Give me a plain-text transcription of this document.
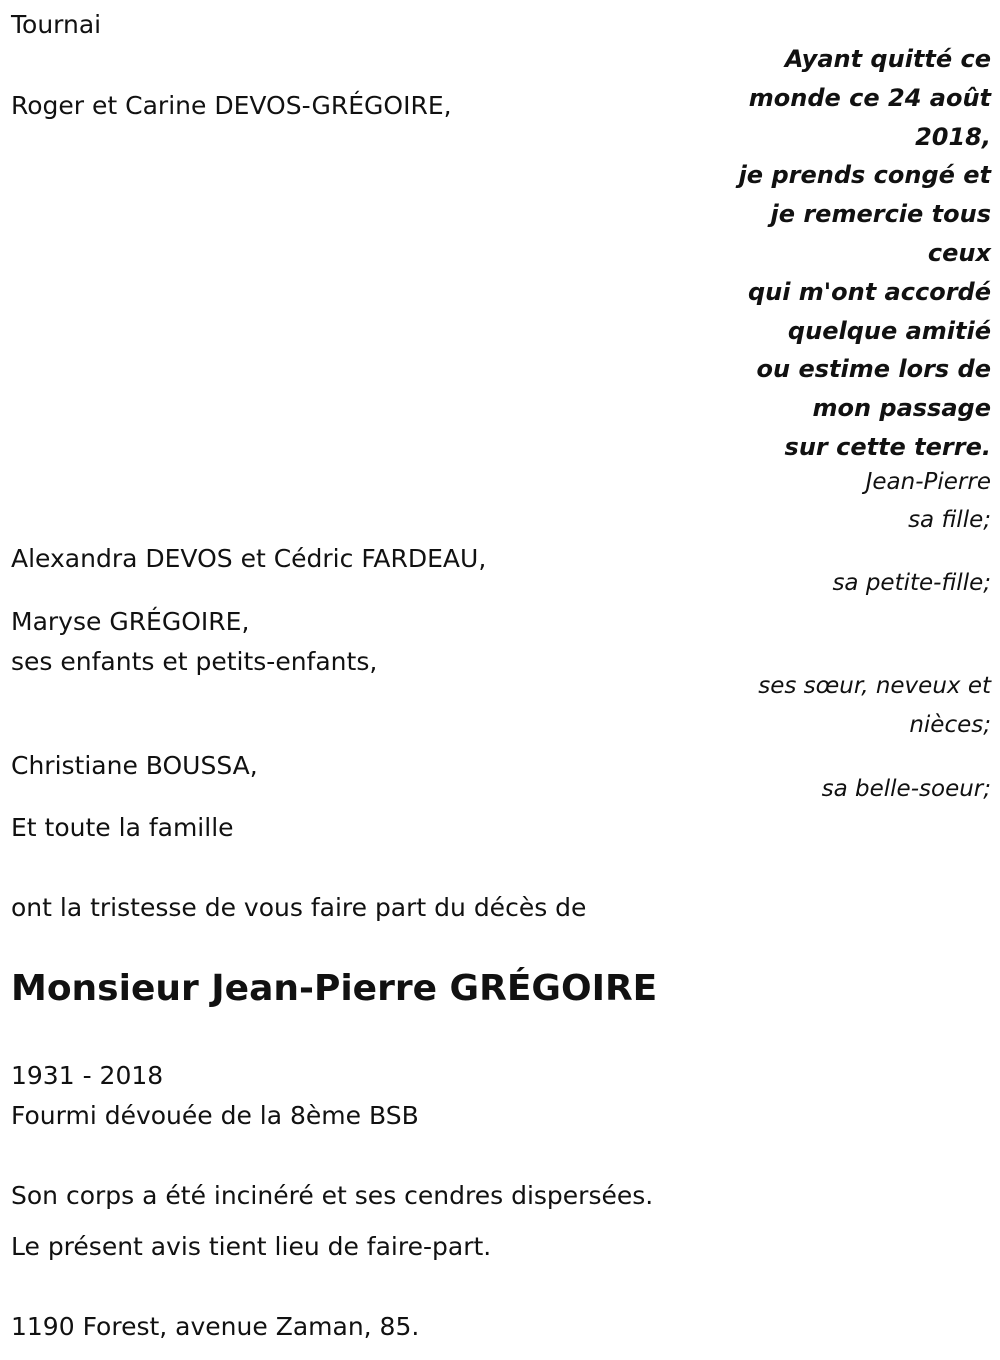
Tournai
Roger et Carine DEVOS-GRÉGOIRE,
Ayant quitté ce
monde ce 24 août
2018,
je prends congé et
je remercie tous
ceux
qui m'ont accordé
quelque amitié
ou estime lors de
mon passage
sur cette terre.
Jean-Pierre
sa fille;
Alexandra DEVOS et Cédric FARDEAU,
sa petite-fille;
Maryse GRÉGOIRE,
ses enfants et petits-enfants,
ses sœur, neveux et
nièces;
Christiane BOUSSA,
sa belle-soeur;
Et toute la famille
ont la tristesse de vous faire part du décès de
Monsieur Jean-Pierre GRÉGOIRE
1931 - 2018
Fourmi dévouée de la 8ème BSB
Son corps a été incinéré et ses cendres dispersées.
Le présent avis tient lieu de faire-part.
1190 Forest, avenue Zaman, 85.
